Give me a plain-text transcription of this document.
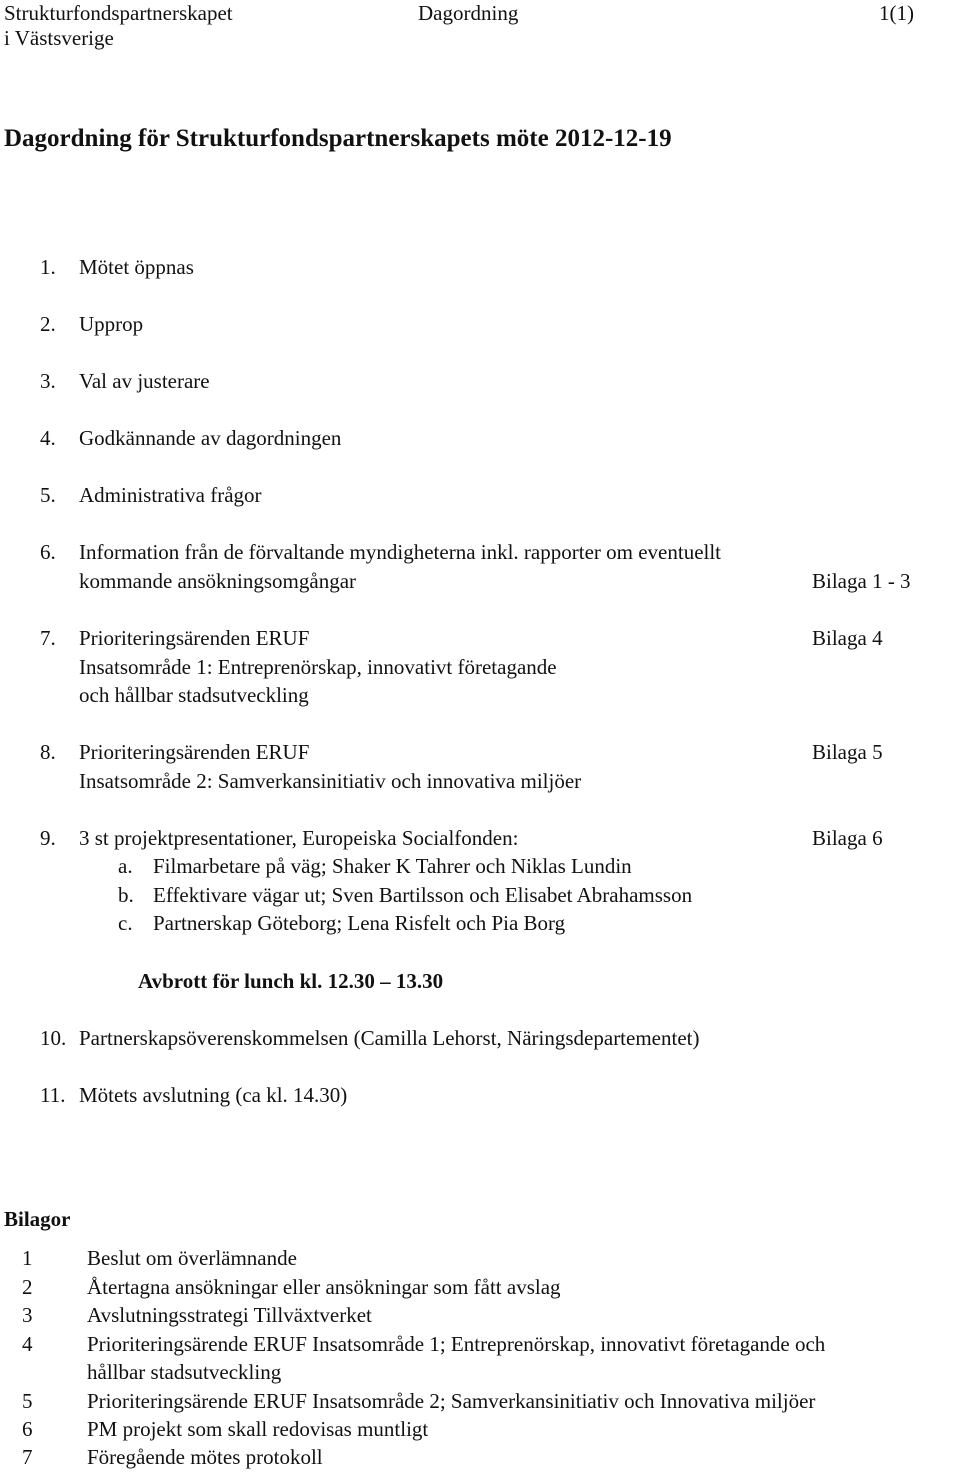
Strukturfondspartnerskapet
i Västsverige
Dagordning	1(1)
Dagordning för Strukturfondspartnerskapets möte 2012-12-19
1. Mötet öppnas
2. Upprop
3. Val av justerare
4. Godkännande av dagordningen
5. Administrativa frågor
6. Information från de förvaltande myndigheterna inkl. rapporter om eventuellt
kommande ansökningsomgångar	Bilaga 1 - 3
7. Prioriteringsärenden ERUF	Bilaga 4
Insatsområde 1: Entreprenörskap, innovativt företagande
och hållbar stadsutveckling
8. Prioriteringsärenden ERUF	Bilaga 5
Insatsområde 2: Samverkansinitiativ och innovativa miljöer
9. 3 st projektpresentationer, Europeiska Socialfonden:	Bilaga 6
a. Filmarbetare på väg; Shaker K Tahrer och Niklas Lundin
b. Effektivare vägar ut; Sven Bartilsson och Elisabet Abrahamsson
c. Partnerskap Göteborg; Lena Risfelt och Pia Borg
Avbrott för lunch kl. 12.30 – 13.30
10. Partnerskapsöverenskommelsen (Camilla Lehorst, Näringsdepartementet)
11. Mötets avslutning (ca kl. 14.30)
Bilagor
1	Beslut om överlämnande
2	Återtagna ansökningar eller ansökningar som fått avslag
3	Avslutningsstrategi Tillväxtverket
4	Prioriteringsärende ERUF Insatsområde 1; Entreprenörskap, innovativt företagande och
hållbar stadsutveckling
5	Prioriteringsärende ERUF Insatsområde 2; Samverkansinitiativ och Innovativa miljöer
6	PM projekt som skall redovisas muntligt
7	Föregående mötes protokoll
